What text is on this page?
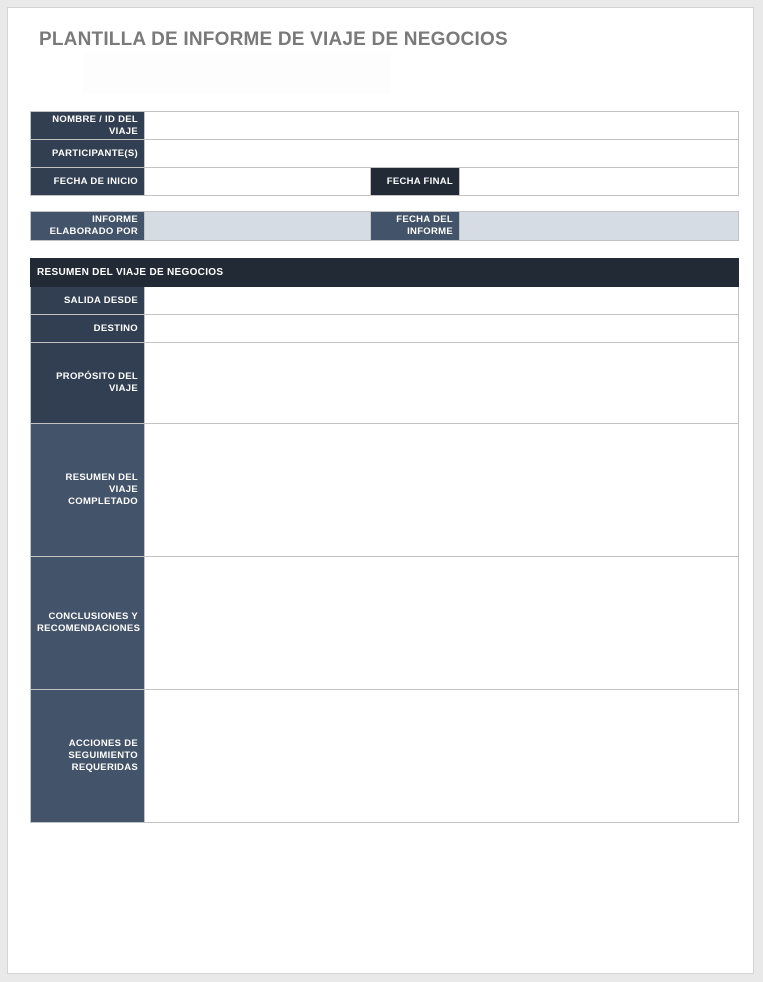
PLANTILLA DE INFORME DE VIAJE DE NEGOCIOS
NOMBRE / ID DEL VIAJE			
PARTICIPANTE(S)			
FECHA DE INICIO		FECHA FINAL	
INFORME ELABORADO POR		FECHA DEL INFORME	
RESUMEN DEL VIAJE DE NEGOCIOS	
SALIDA DESDE	
DESTINO	
PROPÓSITO DEL VIAJE	
RESUMEN DEL VIAJE COMPLETADO	
CONCLUSIONES Y RECOMENDACIONES	
ACCIONES DE SEGUIMIENTO REQUERIDAS	
